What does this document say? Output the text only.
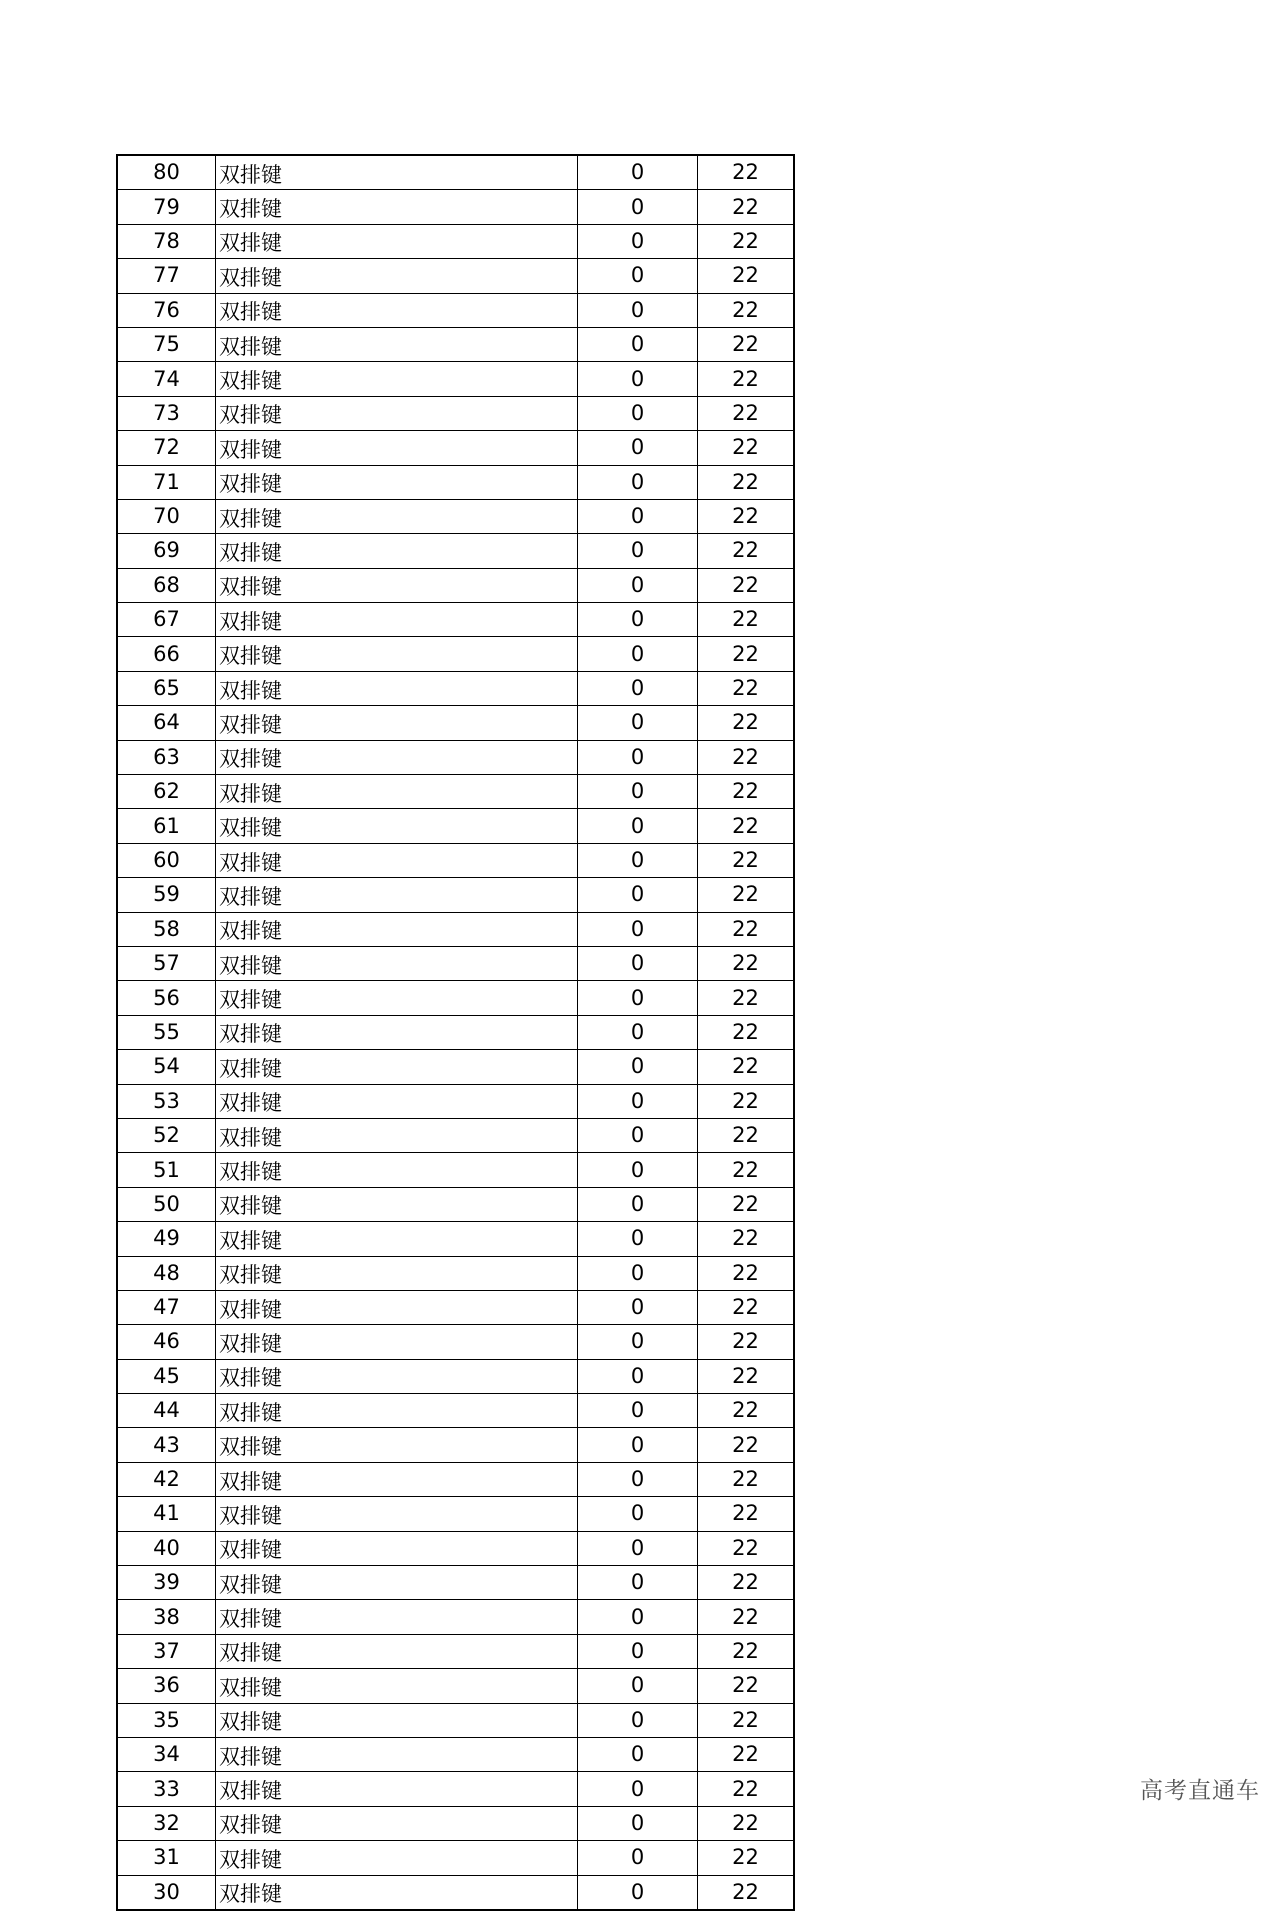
80	双排键	0	22
79	双排键	0	22
78	双排键	0	22
77	双排键	0	22
76	双排键	0	22
75	双排键	0	22
74	双排键	0	22
73	双排键	0	22
72	双排键	0	22
71	双排键	0	22
70	双排键	0	22
69	双排键	0	22
68	双排键	0	22
67	双排键	0	22
66	双排键	0	22
65	双排键	0	22
64	双排键	0	22
63	双排键	0	22
62	双排键	0	22
61	双排键	0	22
60	双排键	0	22
59	双排键	0	22
58	双排键	0	22
57	双排键	0	22
56	双排键	0	22
55	双排键	0	22
54	双排键	0	22
53	双排键	0	22
52	双排键	0	22
51	双排键	0	22
50	双排键	0	22
49	双排键	0	22
48	双排键	0	22
47	双排键	0	22
46	双排键	0	22
45	双排键	0	22
44	双排键	0	22
43	双排键	0	22
42	双排键	0	22
41	双排键	0	22
40	双排键	0	22
39	双排键	0	22
38	双排键	0	22
37	双排键	0	22
36	双排键	0	22
35	双排键	0	22
34	双排键	0	22
33	双排键	0	22
32	双排键	0	22
31	双排键	0	22
30	双排键	0	22
高考直通车
